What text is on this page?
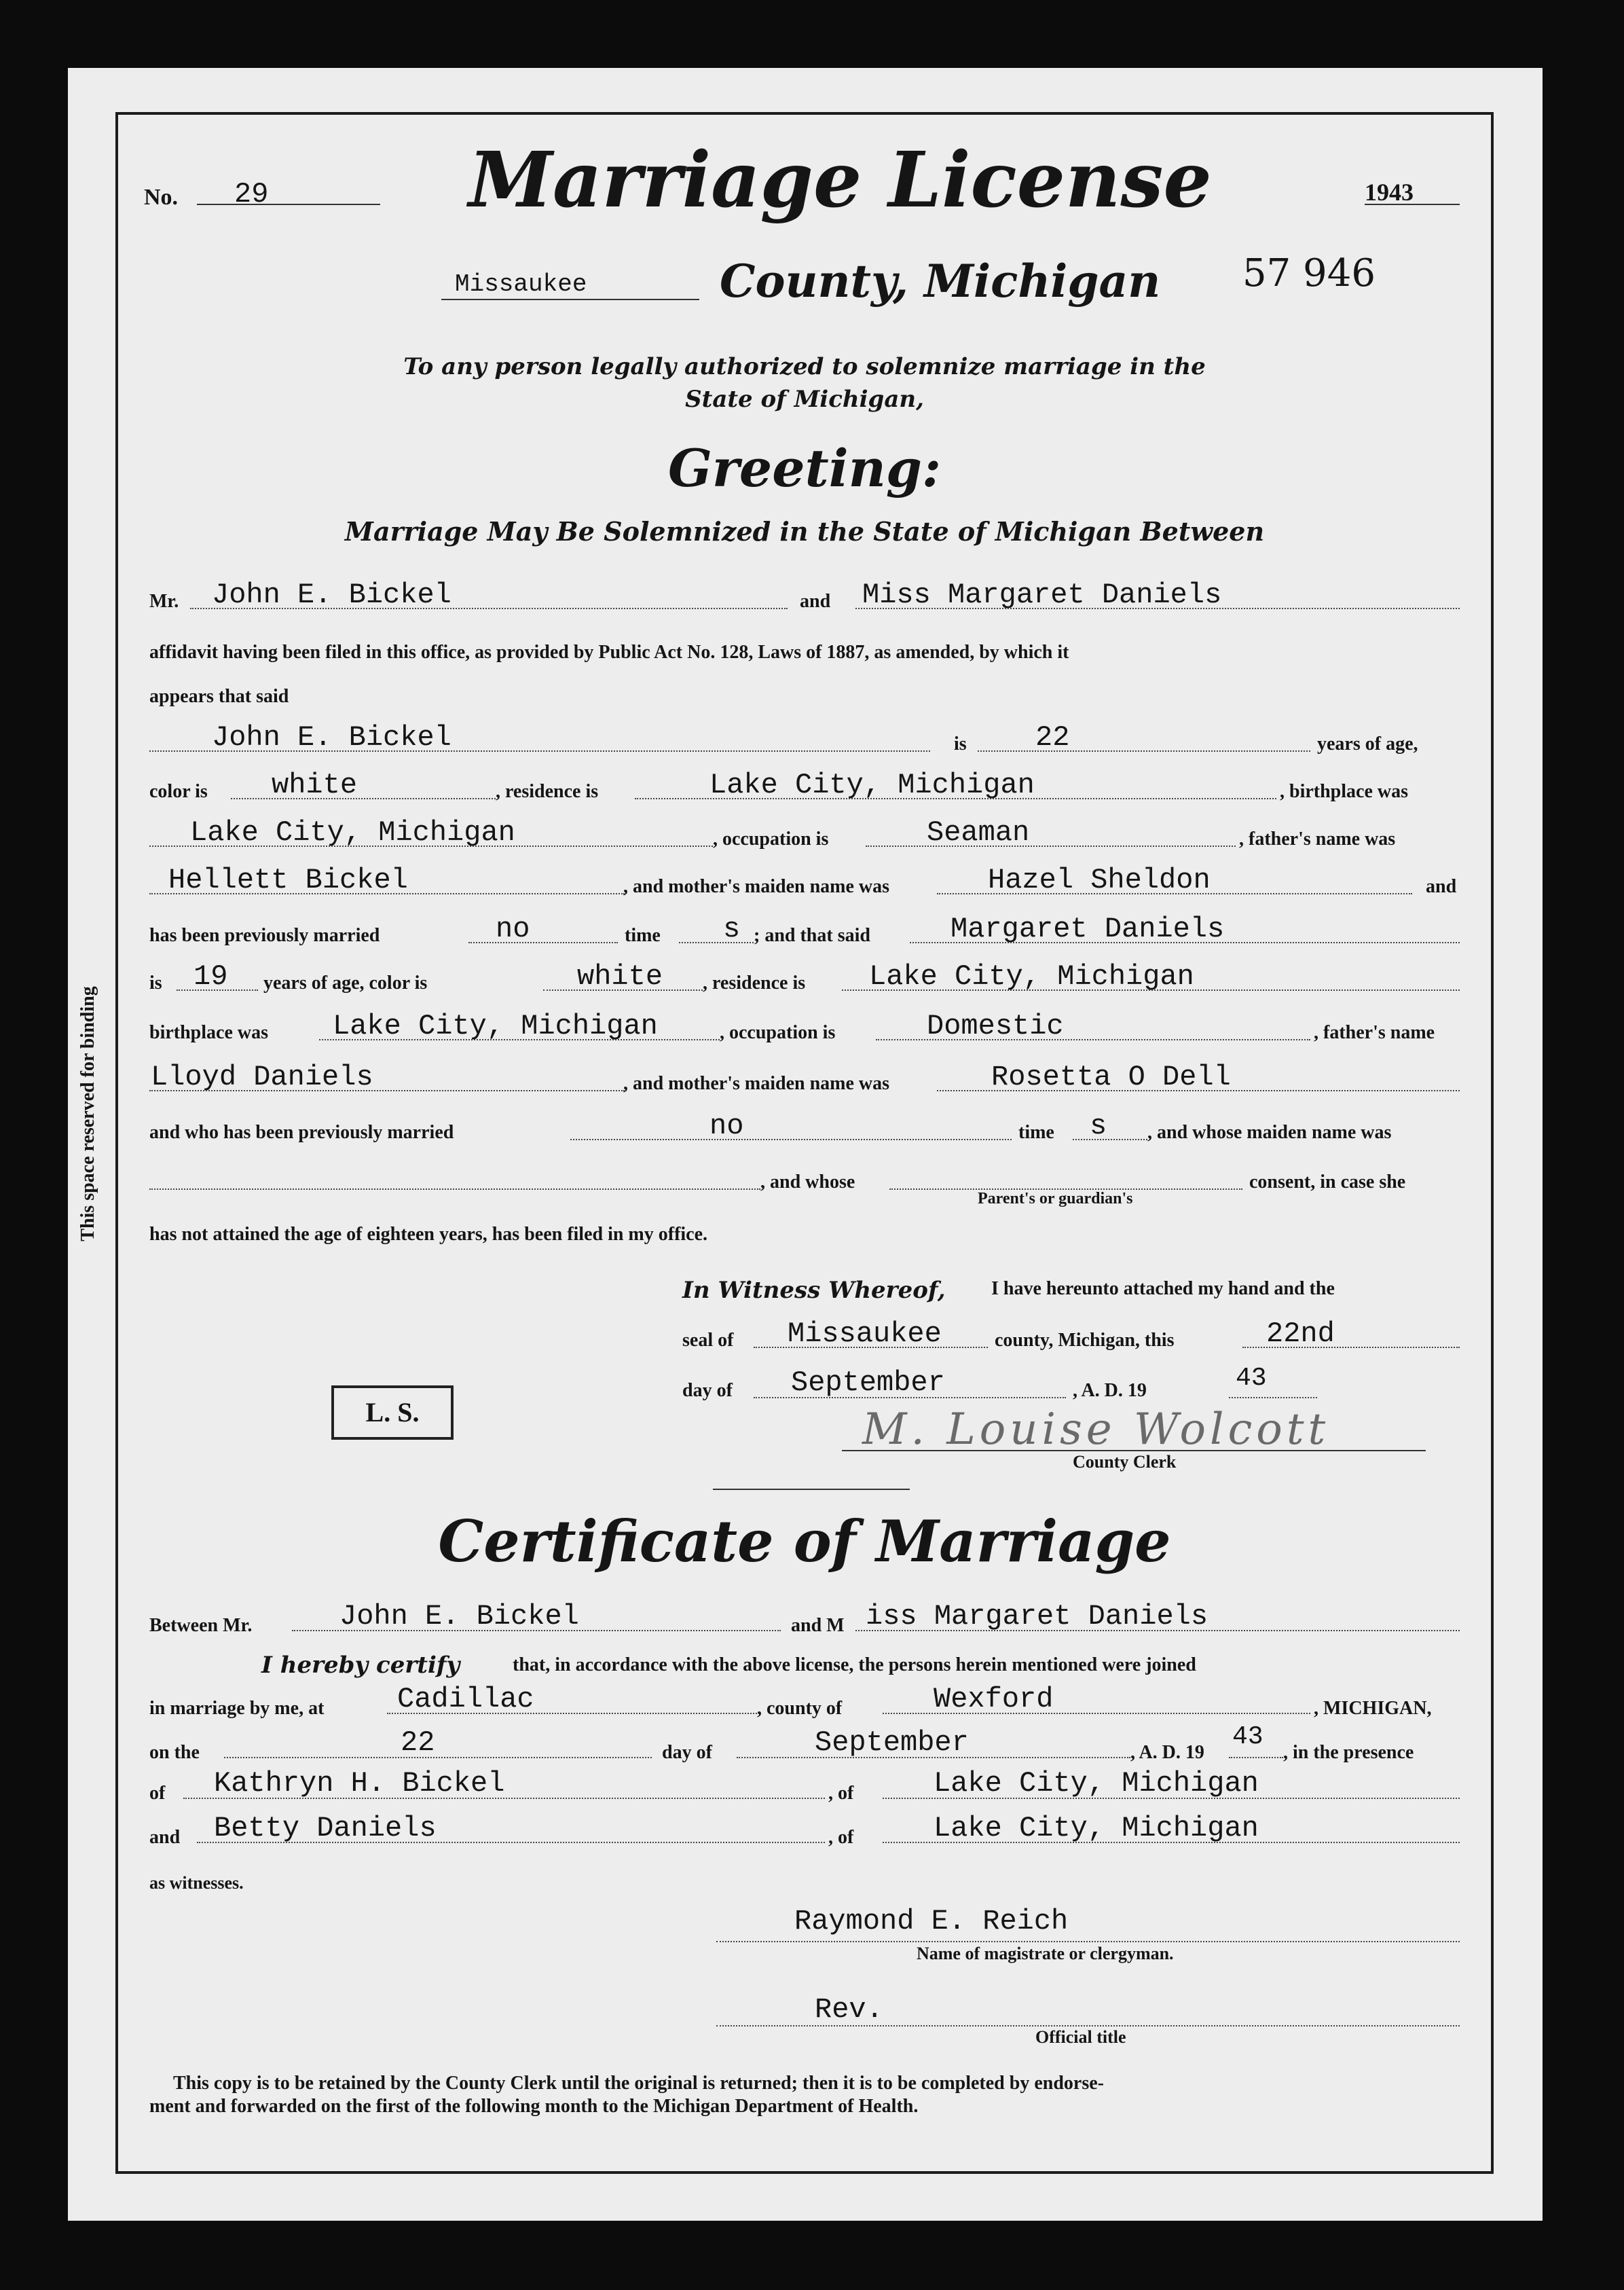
This space reserved for binding
No. 29	Marriage License	1943
Missaukee	County, Michigan 57 946
To any person legally authorized to solemnize marriage in the
State of Michigan,
Greeting:
Marriage May Be Solemnized in the State of Michigan Between
Mr. John E. Bickel	and Miss Margaret Daniels
affidavit having been filed in this office, as provided by Public Act No. 128, Laws of 1887, as amended, by which it
appears that said
John E. Bickel	is 22	years of age,
color is white	, residence is	Lake City, Michigan	, birthplace was
Lake City, Michigan	, occupation is	Seaman	, father's name was
Hellett Bickel	, and mother's maiden name was	Hazel Sheldon	and
has been previously married	no	time s ; and that said	Margaret Daniels
is 19 years of age, color is	white , residence is Lake City, Michigan
birthplace was Lake City, Michigan	, occupation is	Domestic	, father's name
Lloyd Daniels	, and mother's maiden name was	Rosetta O Dell
and who has been previously married	no	time s , and whose maiden name was
, and whose	consent, in case she
Parent's or guardian's
has not attained the age of eighteen years, has been filed in my office.
In Witness Whereof, I have hereunto attached my hand and the
seal of Missaukee	county, Michigan, this	22nd
day of September	, A. D. 19	43
L. S.	M. Louise Wolcott
County Clerk
Certificate of Marriage
Between Mr.	John E. Bickel	and M iss Margaret Daniels
I hereby certify	that, in accordance with the above license, the persons herein mentioned were joined
in marriage by me, at	Cadillac	, county of	Wexford	, MICHIGAN,
on the	22	day of	September	, A. D. 19
43
, in the presence
of Kathryn H. Bickel	, of	Lake City, Michigan
and Betty Daniels	, of	Lake City, Michigan
as witnesses.
Raymond E. Reich
Name of magistrate or clergyman.
Rev.
Official title
This copy is to be retained by the County Clerk until the original is returned; then it is to be completed by endorse-
ment and forwarded on the first of the following month to the Michigan Department of Health.
